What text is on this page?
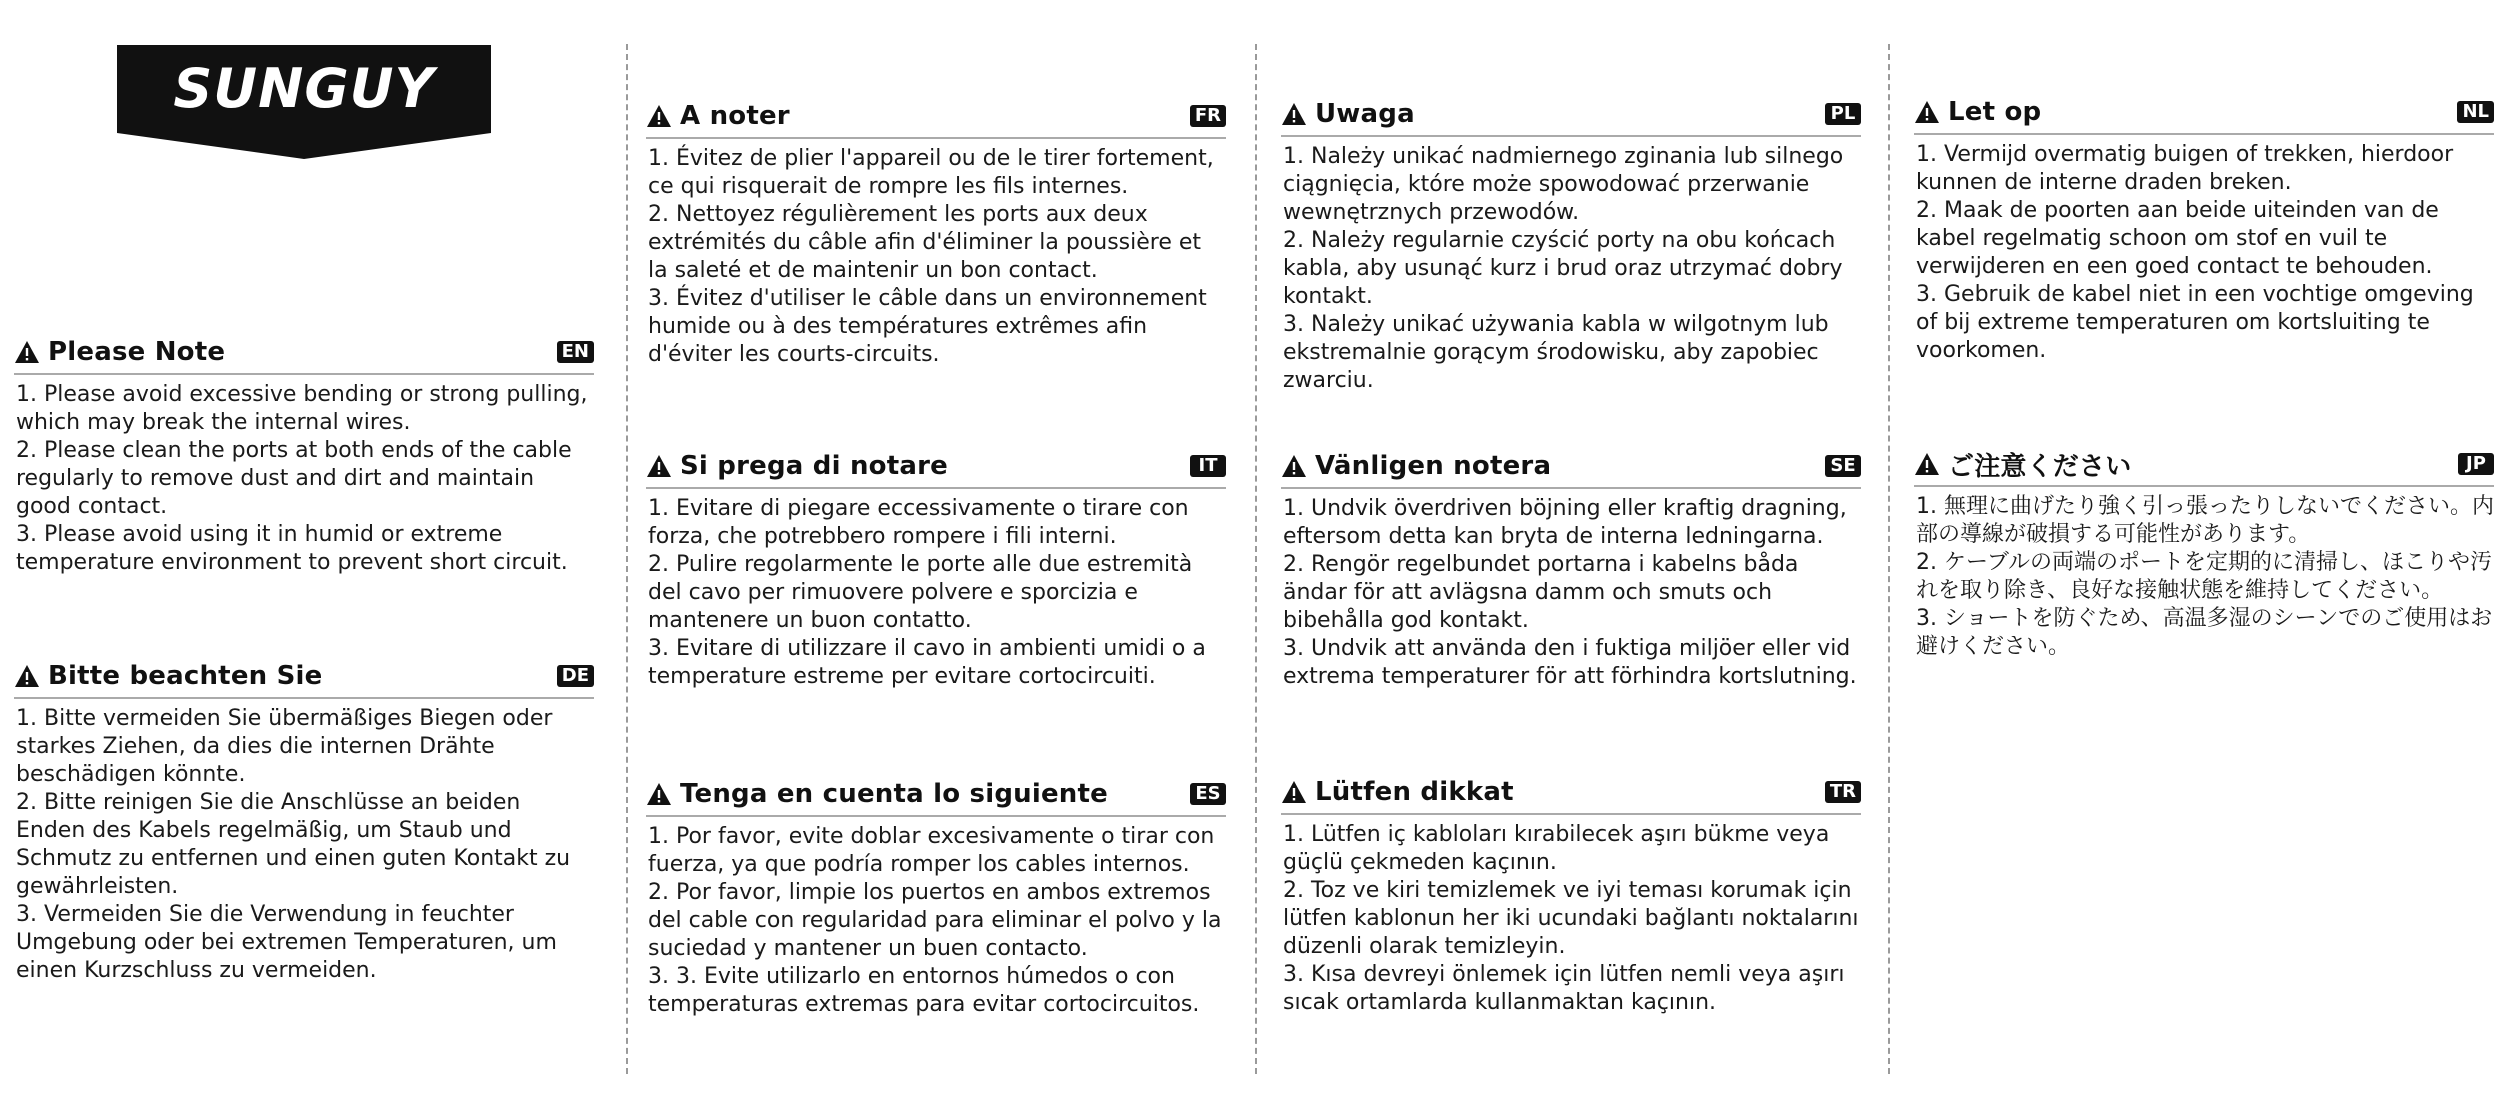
SUNGUY
Please Note	EN
1. Please avoid excessive bending or strong pulling, which may break the internal wires.
2. Please clean the ports at both ends of the cable regularly to remove dust and dirt and maintain good contact.
3. Please avoid using it in humid or extreme temperature environment to prevent short circuit.
Bitte beachten Sie	DE
1. Bitte vermeiden Sie übermäßiges Biegen oder starkes Ziehen, da dies die internen Drähte beschädigen könnte.
2. Bitte reinigen Sie die Anschlüsse an beiden Enden des Kabels regelmäßig, um Staub und Schmutz zu entfernen und einen guten Kontakt zu gewährleisten.
3. Vermeiden Sie die Verwendung in feuchter Umgebung oder bei extremen Temperaturen, um einen Kurzschluss zu vermeiden.
A noter	FR
1. Évitez de plier l'appareil ou de le tirer fortement, ce qui risquerait de rompre les fils internes.
2. Nettoyez régulièrement les ports aux deux extrémités du câble afin d'éliminer la poussière et la saleté et de maintenir un bon contact.
3. Évitez d'utiliser le câble dans un environnement humide ou à des températures extrêmes afin d'éviter les courts-circuits.
Si prega di notare	IT
1. Evitare di piegare eccessivamente o tirare con forza, che potrebbero rompere i fili interni.
2. Pulire regolarmente le porte alle due estremità del cavo per rimuovere polvere e sporcizia e mantenere un buon contatto.
3. Evitare di utilizzare il cavo in ambienti umidi o a temperature estreme per evitare cortocircuiti.
Tenga en cuenta lo siguiente	ES
1. Por favor, evite doblar excesivamente o tirar con fuerza, ya que podría romper los cables internos.
2. Por favor, limpie los puertos en ambos extremos del cable con regularidad para eliminar el polvo y la suciedad y mantener un buen contacto.
3. 3. Evite utilizarlo en entornos húmedos o con temperaturas extremas para evitar cortocircuitos.
Uwaga	PL
1. Należy unikać nadmiernego zginania lub silnego ciągnięcia, które może spowodować przerwanie wewnętrznych przewodów.
2. Należy regularnie czyścić porty na obu końcach kabla, aby usunąć kurz i brud oraz utrzymać dobry kontakt.
3. Należy unikać używania kabla w wilgotnym lub ekstremalnie gorącym środowisku, aby zapobiec zwarciu.
Vänligen notera	SE
1. Undvik överdriven böjning eller kraftig dragning, eftersom detta kan bryta de interna ledningarna.
2. Rengör regelbundet portarna i kabelns båda ändar för att avlägsna damm och smuts och bibehålla god kontakt.
3. Undvik att använda den i fuktiga miljöer eller vid extrema temperaturer för att förhindra kortslutning.
Lütfen dikkat	TR
1. Lütfen iç kabloları kırabilecek aşırı bükme veya güçlü çekmeden kaçının.
2. Toz ve kiri temizlemek ve iyi teması korumak için lütfen kablonun her iki ucundaki bağlantı noktalarını düzenli olarak temizleyin.
3. Kısa devreyi önlemek için lütfen nemli veya aşırı sıcak ortamlarda kullanmaktan kaçının.
Let op	NL
1. Vermijd overmatig buigen of trekken, hierdoor kunnen de interne draden breken.
2. Maak de poorten aan beide uiteinden van de kabel regelmatig schoon om stof en vuil te verwijderen en een goed contact te behouden.
3. Gebruik de kabel niet in een vochtige omgeving of bij extreme temperaturen om kortsluiting te voorkomen.
ご注意ください	JP
1. 無理に曲げたり強く引っ張ったりしないでください。内部の導線が破損する可能性があります。
2. ケーブルの両端のポートを定期的に清掃し、ほこりや汚れを取り除き、良好な接触状態を維持してください。
3. ショートを防ぐため、高温多湿のシーンでのご使用はお避けください。
